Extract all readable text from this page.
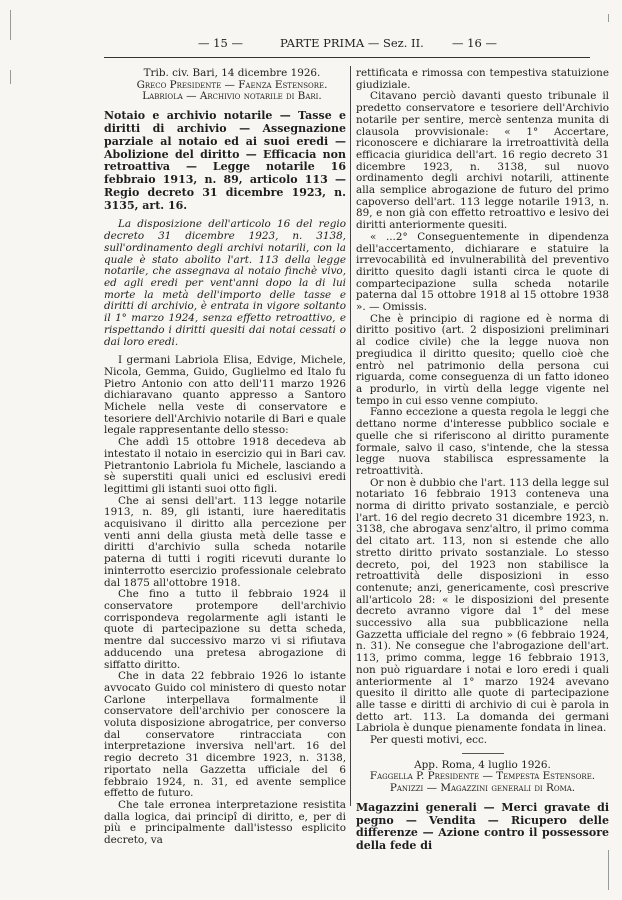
— 15 —	PARTE PRIMA — Sez. II. — 16 —

Trib. civ. Bari, 14 dicembre 1926.

Greco Presidente — Faenza Estensore.

Labriola — Archivio notarile di Bari.

Notaio e archivio notarile — Tasse e diritti di archivio — Assegnazione parziale al notaio ed ai suoi eredi — Abolizione del diritto — Efficacia non retroattiva — Legge notarile 16 febbraio 1913, n. 89, articolo 113 — Regio decreto 31 dicembre 1923, n. 3135, art. 16.

La disposizione dell'articolo 16 del regio decreto 31 dicembre 1923, n. 3138, sull'ordinamento degli archivi notarili, con la quale è stato abolito l'art. 113 della legge notarile, che assegnava al notaio finchè vivo, ed agli eredi per vent'anni dopo la di lui morte la metà dell'importo delle tasse e diritti di archivio, è entrata in vigore soltanto il 1° marzo 1924, senza effetto retroattivo, e rispettando i diritti quesiti dai notai cessati o dai loro eredi.

I germani Labriola Elisa, Edvige, Michele, Nicola, Gemma, Guido, Guglielmo ed Italo fu Pietro Antonio con atto dell'11 marzo 1926 dichiaravano quanto appresso a Santoro Michele nella veste di conservatore e tesoriere dell'Archivio notarile di Bari e quale legale rappresentante dello stesso:

Che addì 15 ottobre 1918 decedeva ab intestato il notaio in esercizio qui in Bari cav. Pietrantonio Labriola fu Michele, lasciando a sè superstiti quali unici ed esclusivi eredi legittimi gli istanti suoi otto figli.

Che ai sensi dell'art. 113 legge notarile 1913, n. 89, gli istanti, iure haereditatis acquisivano il diritto alla percezione per venti anni della giusta metà delle tasse e diritti d'archivio sulla scheda notarile paterna di tutti i rogiti ricevuti durante lo ininterrotto esercizio professionale celebrato dal 1875 all'ottobre 1918.

Che fino a tutto il febbraio 1924 il conservatore protempore dell'archivio corrispondeva regolarmente agli istanti le quote di partecipazione su detta scheda, mentre dal successivo marzo vi si rifiutava adducendo una pretesa abrogazione di siffatto diritto.

Che in data 22 febbraio 1926 lo istante avvocato Guido col ministero di questo notar Carlone interpellava formalmente il conservatore dell'archivio per conoscere la voluta disposizione abrogatrice, per converso dal conservatore rintracciata con interpretazione inversiva nell'art. 16 del regio decreto 31 dicembre 1923, n. 3138, riportato nella Gazzetta ufficiale del 6 febbraio 1924, n. 31, ed avente semplice effetto de futuro.

Che tale erronea interpretazione resistita dalla logica, dai principî di diritto, e, per di più e principalmente dall'istesso esplicito decreto, va

rettificata e rimossa con tempestiva statuizione giudiziale.

Citavano perciò davanti questo tribunale il predetto conservatore e tesoriere dell'Archivio notarile per sentire, mercè sentenza munita di clausola provvisionale: « 1° Accertare, riconoscere e dichiarare la irretroattività della efficacia giuridica dell'art. 16 regio decreto 31 dicembre 1923, n. 3138, sul nuovo ordinamento degli archivi notarili, attinente alla semplice abrogazione de futuro del primo capoverso dell'art. 113 legge notarile 1913, n. 89, e non già con effetto retroattivo e lesivo dei diritti anteriormente quesiti.

« ...2° Conseguentemente in dipendenza dell'accertamento, dichiarare e statuire la irrevocabilità ed invulnerabilità del preventivo diritto quesito dagli istanti circa le quote di compartecipazione sulla scheda notarile paterna dal 15 ottobre 1918 al 15 ottobre 1938 ». — Omissis.

Che è principio di ragione ed è norma di diritto positivo (art. 2 disposizioni preliminari al codice civile) che la legge nuova non pregiudica il diritto quesito; quello cioè che entrò nel patrimonio della persona cui riguarda, come conseguenza di un fatto idoneo a produrlo, in virtù della legge vigente nel tempo in cui esso venne compiuto.

Fanno eccezione a questa regola le leggi che dettano norme d'interesse pubblico sociale e quelle che si riferiscono al diritto puramente formale, salvo il caso, s'intende, che la stessa legge nuova stabilisca espressamente la retroattività.

Or non è dubbio che l'art. 113 della legge sul notariato 16 febbraio 1913 conteneva una norma di diritto privato sostanziale, e perciò l'art. 16 del regio decreto 31 dicembre 1923, n. 3138, che abrogava senz'altro, il primo comma del citato art. 113, non si estende che allo stretto diritto privato sostanziale. Lo stesso decreto, poi, del 1923 non stabilisce la retroattività delle disposizioni in esso contenute; anzi, genericamente, così prescrive all'articolo 28: « le disposizioni del presente decreto avranno vigore dal 1° del mese successivo alla sua pubblicazione nella Gazzetta ufficiale del regno » (6 febbraio 1924, n. 31). Ne consegue che l'abrogazione dell'art. 113, primo comma, legge 16 febbraio 1913, non può riguardare i notai e loro eredi i quali anteriormente al 1° marzo 1924 avevano quesito il diritto alle quote di partecipazione alle tasse e diritti di archivio di cui è parola in detto art. 113. La domanda dei germani Labriola è dunque pienamente fondata in linea.

Per questi motivi, ecc.

App. Roma, 4 luglio 1926.

Faggella P. Presidente — Tempesta Estensore.

Panizzi — Magazzini generali di Roma.

Magazzini generali — Merci gravate di pegno — Vendita — Ricupero delle differenze — Azione contro il possessore della fede di
